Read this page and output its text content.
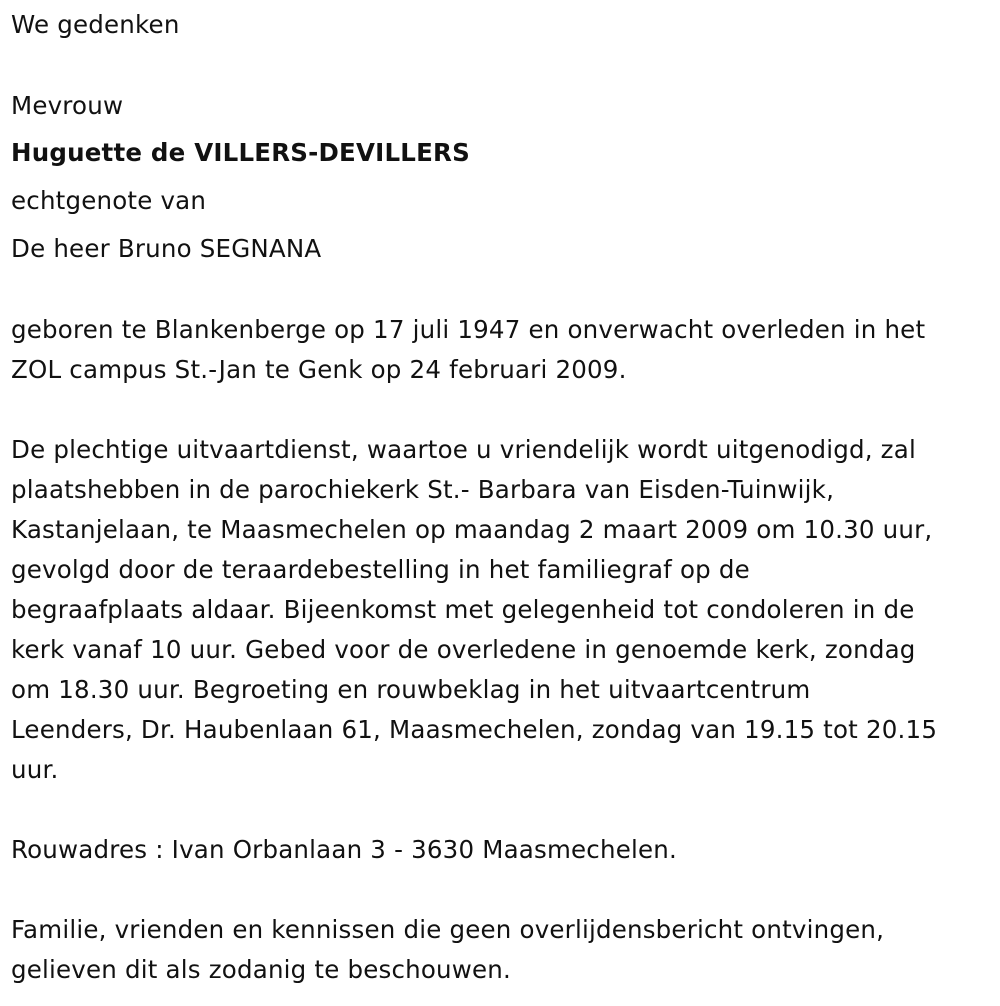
We gedenken
Mevrouw
Huguette de VILLERS-DEVILLERS
echtgenote van
De heer Bruno SEGNANA
geboren te Blankenberge op 17 juli 1947 en onverwacht overleden in het
ZOL campus St.-Jan te Genk op 24 februari 2009.
De plechtige uitvaartdienst, waartoe u vriendelijk wordt uitgenodigd, zal
plaatshebben in de parochiekerk St.- Barbara van Eisden-Tuinwijk,
Kastanjelaan, te Maasmechelen op maandag 2 maart 2009 om 10.30 uur,
gevolgd door de teraardebestelling in het familiegraf op de
begraafplaats aldaar. Bijeenkomst met gelegenheid tot condoleren in de
kerk vanaf 10 uur. Gebed voor de overledene in genoemde kerk, zondag
om 18.30 uur. Begroeting en rouwbeklag in het uitvaartcentrum
Leenders, Dr. Haubenlaan 61, Maasmechelen, zondag van 19.15 tot 20.15
uur.
Rouwadres : Ivan Orbanlaan 3 - 3630 Maasmechelen.
Familie, vrienden en kennissen die geen overlijdensbericht ontvingen,
gelieven dit als zodanig te beschouwen.
